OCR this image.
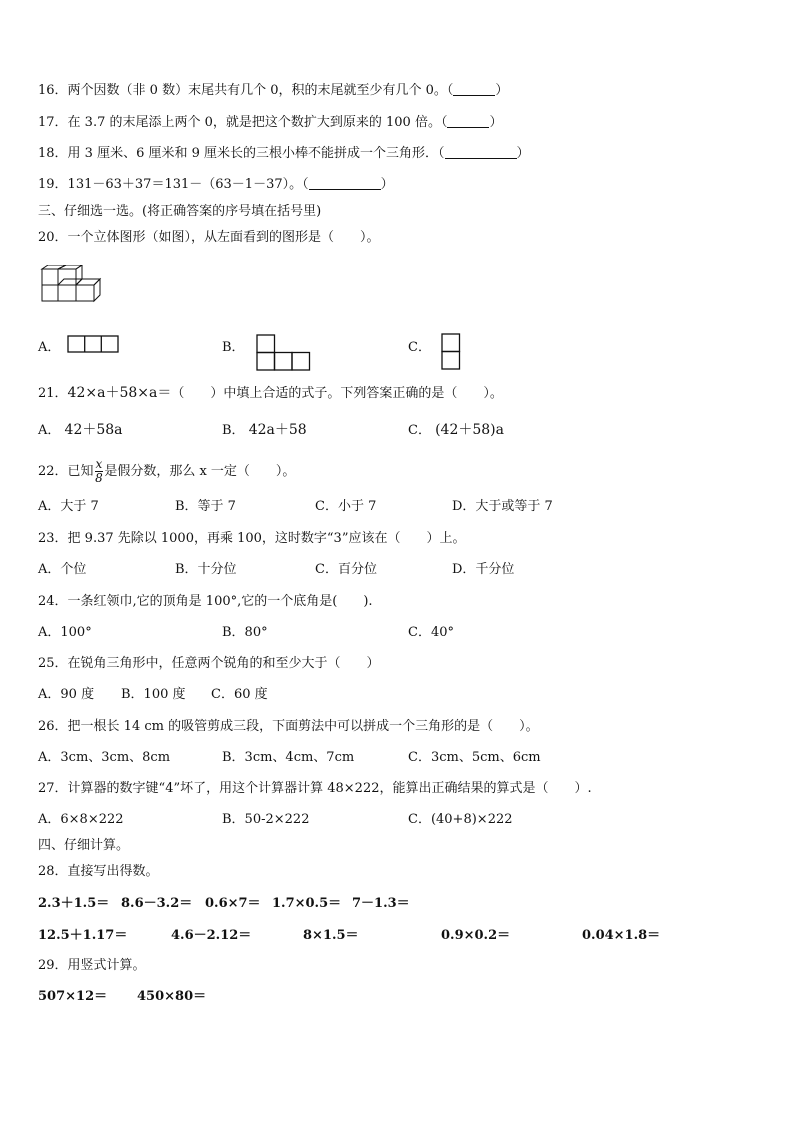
16．两个因数（非 0 数）末尾共有几个 0，积的末尾就至少有几个 0。（	）
17．在 3.7 的末尾添上两个 0，就是把这个数扩大到原来的 100 倍。（	）
18．用 3 厘米、6 厘米和 9 厘米长的三根小棒不能拼成一个三角形．（	）
19．131－63＋37＝131－（63－1－37）。（	）
三、仔细选一选。(将正确答案的序号填在括号里)
20．一个立体图形（如图），从左面看到的图形是（　　）。
A．	B．	C．
21．42×a＋58×a＝（　　）中填上合适的式子。下列答案正确的是（　　）。
A． 42＋58a	B． 42a＋58	C． (42＋58)a
22．已知 $\frac{x}{8}$ 是假分数，那么 x 一定（　　）。
A．大于 7	B．等于 7	C．小于 7	D．大于或等于 7
23．把 9.37 先除以 1000，再乘 100，这时数字“3”应该在（　　）上。
A．个位	B．十分位	C．百分位	D．千分位
24．一条红领巾,它的顶角是 100°,它的一个底角是(　　).
A．100°	B．80°	C．40°
25．在锐角三角形中，任意两个锐角的和至少大于（　　）
A．90 度 B．100 度 C．60 度
26．把一根长 14 cm 的吸管剪成三段，下面剪法中可以拼成一个三角形的是（　　）。
A．3cm、3cm、8cm	B．3cm、4cm、7cm	C．3cm、5cm、6cm
27．计算器的数字键“4”坏了，用这个计算器计算 48×222，能算出正确结果的算式是（　　）.
A．6×8×222	B．50-2×222	C．(40+8)×222
四、仔细计算。
28．直接写出得数。
2.3＋1.5＝ 8.6－3.2＝ 0.6×7＝ 1.7×0.5＝ 7－1.3＝
12.5＋1.17＝	4.6－2.12＝	8×1.5＝	0.9×0.2＝	0.04×1.8＝
29．用竖式计算。
507×12＝ 450×80＝
